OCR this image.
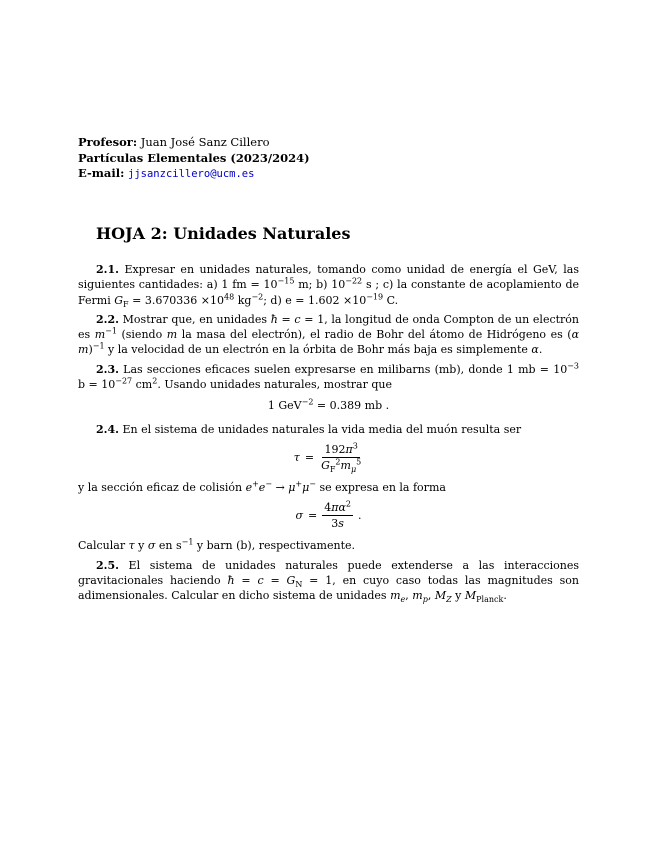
Profesor: Juan José Sanz Cillero
Partículas Elementales (2023/2024)
E-mail: jjsanzcillero@ucm.es
HOJA 2: Unidades Naturales

2.1. Expresar en unidades naturales, tomando como unidad de energía el GeV, las siguientes cantidades: a) 1 fm = $10^{-15}$ m; b) $10^{-22}$ s ; c) la constante de acoplamiento de Fermi $G_F = 3.670336 \times 10^{48}$ $kg^{-2}$; d) $e = 1.602 \times 10^{-19}$ C.

2.2. Mostrar que, en unidades ħ = c = 1, la longitud de onda Compton de un electrón es $m^{-1}$ (siendo m la masa del electrón), el radio de Bohr del átomo de Hidrógeno es (α m)$^{-1}$ y la velocidad de un electrón en la órbita de Bohr más baja es simplemente α.

2.3. Las secciones eficaces suelen expresarse en milibarns (mb), donde 1 mb = $10^{-3}$ $b = 10^{-27}$ $cm^2$. Usando unidades naturales, mostrar que

1 GeV$^{-2}$ = 0.389 mb .

2.4. En el sistema de unidades naturales la vida media del muón resulta ser

$\tau = \frac{192\pi^3}{G_F^2m_\mu^5}$

y la sección eficaz de colisión e+e− → μ+μ− se expresa en la forma

$\sigma = \frac{4\pi\alpha^2}{3s}$ .

Calcular τ y σ en $s^{-1}$ y barn (b), respectivamente.

2.5. El sistema de unidades naturales puede extenderse a las interacciones gravitacionales haciendo ħ = $c = G_N = 1$, en cuyo caso todas las magnitudes son adimensionales. Calcular en dicho sistema de unidades $m_e$, $m_p$, $M_Z$ y $M_{Planck}$.
